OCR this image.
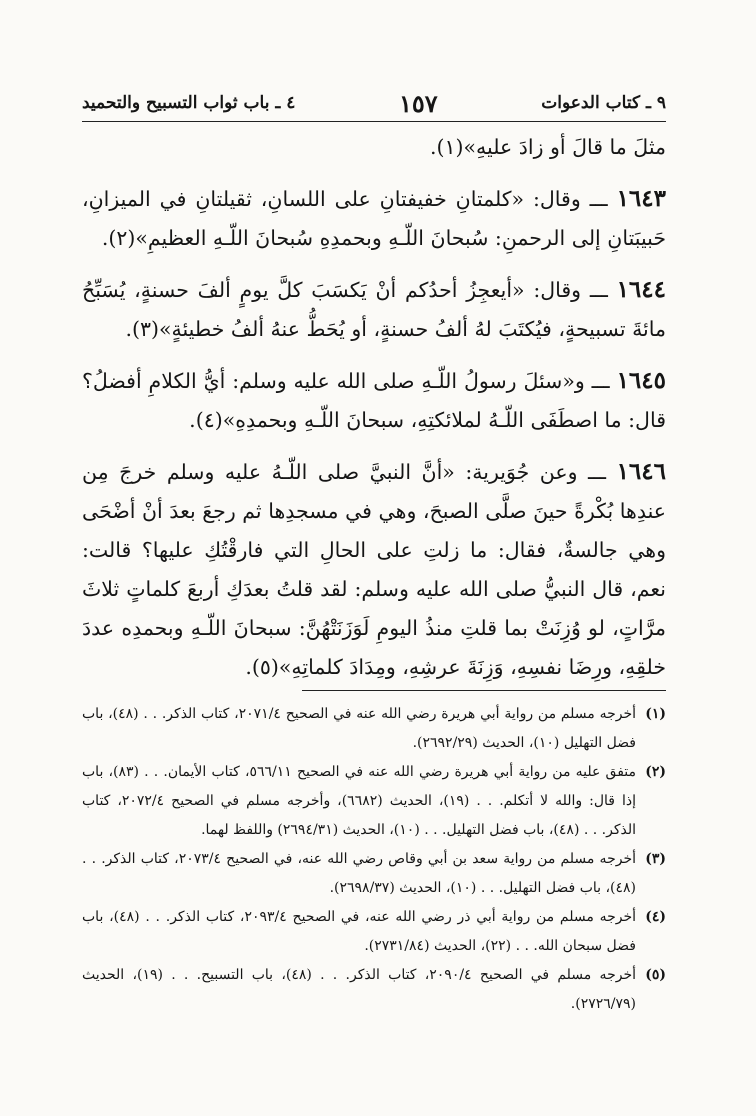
٩ ـ كتاب الدعوات
١٥٧
٤ ـ باب ثواب التسبيح والتحميد

مثلَ ما قالَ أو زادَ عليهِ»(١).

١٦٤٣ ـــ وقال: «كلمتانِ خفيفتانِ على اللسانِ، ثقيلتانِ في الميزانِ، حَبيبَتانِ إلى الرحمنِ: سُبحانَ اللّـهِ وبحمدِهِ سُبحانَ اللّـهِ العظيمِ»(٢).

١٦٤٤ ـــ وقال: «أيعجِزُ أحدُكم أنْ يَكسَبَ كلَّ يومٍ ألفَ حسنةٍ، يُسَبِّحُ مائةَ تسبيحةٍ، فيُكتَبَ لهُ ألفُ حسنةٍ، أو يُحَطُّ عنهُ ألفُ خطيئةٍ»(٣).

١٦٤٥ ـــ و«سئلَ رسولُ اللّـهِ صلى الله عليه وسلم: أيُّ الكلامِ أفضلُ؟ قال: ما اصطَفَى اللّـهُ لملائكتِهِ، سبحانَ اللّـهِ وبحمدِهِ»(٤).

١٦٤٦ ـــ وعن جُوَيرية: «أنَّ النبيَّ صلى اللّـهُ عليه وسلم خرجَ مِن عندِها بُكْرةً حينَ صلَّى الصبحَ، وهي في مسجدِها ثم رجعَ بعدَ أنْ أضْحَى وهي جالسةٌ، فقال: ما زلتِ على الحالِ التي فارقْتُكِ عليها؟ قالت: نعم، قال النبيُّ صلى الله عليه وسلم: لقد قلتُ بعدَكِ أربعَ كلماتٍ ثلاثَ مرَّاتٍ، لو وُزِنَتْ بما قلتِ منذُ اليومِ لَوَزَنَتْهُنَّ: سبحانَ اللّـهِ وبحمدِه عددَ خلقِهِ، ورِضَا نفسِهِ، وَزِنَةَ عرشِهِ، ومِدَادَ كلماتِهِ»(٥).

(١)
أخرجه مسلم من رواية أبي هريرة رضي الله عنه في الصحيح ٢٠٧١/٤، كتاب الذكر. . . (٤٨)، باب فضل التهليل (١٠)، الحديث (٢٦٩٢/٢٩).
(٢)
متفق عليه من رواية أبي هريرة رضي الله عنه في الصحيح ٥٦٦/١١، كتاب الأيمان. . . (٨٣)، باب إذا قال: والله لا أتكلم. . . (١٩)، الحديث (٦٦٨٢)، وأخرجه مسلم في الصحيح ٢٠٧٢/٤، كتاب الذكر. . . (٤٨)، باب فضل التهليل. . . (١٠)، الحديث (٢٦٩٤/٣١) واللفظ لهما.
(٣)
أخرجه مسلم من رواية سعد بن أبي وقاص رضي الله عنه، في الصحيح ٢٠٧٣/٤، كتاب الذكر. . . (٤٨)، باب فضل التهليل. . . (١٠)، الحديث (٢٦٩٨/٣٧).
(٤)
أخرجه مسلم من رواية أبي ذر رضي الله عنه، في الصحيح ٢٠٩٣/٤، كتاب الذكر. . . (٤٨)، باب فضل سبحان الله. . . (٢٢)، الحديث (٢٧٣١/٨٤).
(٥)
أخرجه مسلم في الصحيح ٢٠٩٠/٤، كتاب الذكر. . . (٤٨)، باب التسبيح. . . (١٩)، الحديث (٢٧٢٦/٧٩).
